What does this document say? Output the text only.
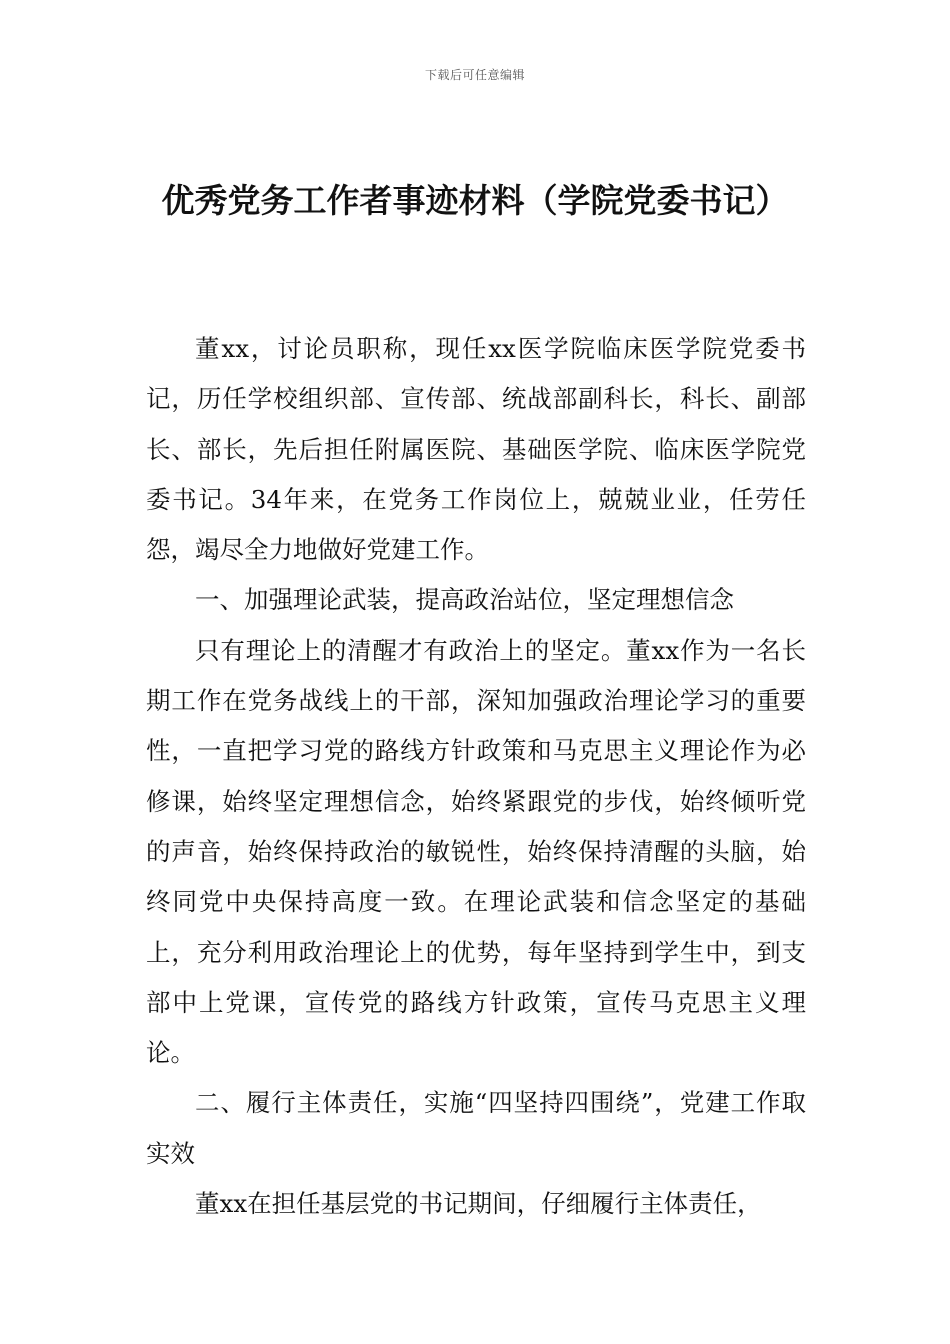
下载后可任意编辑
优秀党务工作者事迹材料（学院党委书记）

董xx，讨论员职称，现任xx医学院临床医学院党委书记，历任学校组织部、宣传部、统战部副科长，科长、副部长、部长，先后担任附属医院、基础医学院、临床医学院党委书记。34年来，在党务工作岗位上，兢兢业业，任劳任怨，竭尽全力地做好党建工作。

一、加强理论武装，提高政治站位，坚定理想信念

只有理论上的清醒才有政治上的坚定。董xx作为一名长期工作在党务战线上的干部，深知加强政治理论学习的重要性，一直把学习党的路线方针政策和马克思主义理论作为必修课，始终坚定理想信念，始终紧跟党的步伐，始终倾听党的声音，始终保持政治的敏锐性，始终保持清醒的头脑，始终同党中央保持高度一致。在理论武装和信念坚定的基础上，充分利用政治理论上的优势，每年坚持到学生中，到支部中上党课，宣传党的路线方针政策，宣传马克思主义理论。

二、履行主体责任，实施“四坚持四围绕”，党建工作取实效

董xx在担任基层党的书记期间，仔细履行主体责任，
